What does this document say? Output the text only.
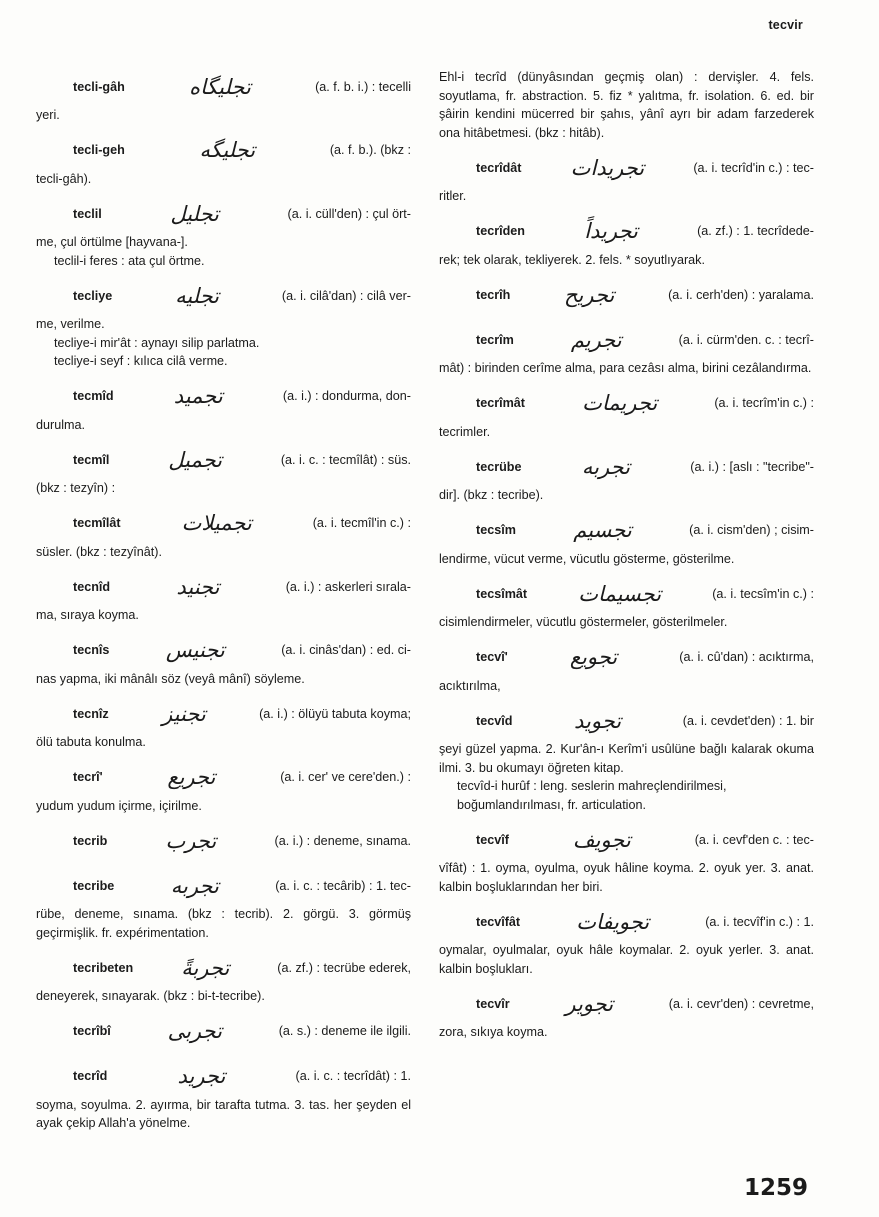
tecvir
tecli-gâh	تجلیگاه	(a. f. b. i.) : tecelli
yeri.
tecli-geh	تجلیگه	(a. f. b.). (bkz :
tecli-gâh).
teclil	تجلیل	(a. i. cüll'den) : çul ört-
me, çul örtülme [hayvana-].
teclil-i feres : ata çul örtme.
tecliye	تجلیه	(a. i. cilâ'dan) : cilâ ver-
me, verilme.
tecliye-i mir'ât : aynayı silip parlatma.
tecliye-i seyf : kılıca cilâ verme.
tecmîd	تجمید	(a. i.) : dondurma, don-
durulma.
tecmîl	تجمیل	(a. i. c. : tecmîlât) : süs.
(bkz : tezyîn) :
tecmîlât	تجمیلات	(a. i. tecmîl'in c.) :
süsler. (bkz : tezyînât).
tecnîd	تجنید	(a. i.) : askerleri sırala-
ma, sıraya koyma.
tecnîs	تجنیس	(a. i. cinâs'dan) : ed. ci-
nas yapma, iki mânâlı söz (veyâ mânî) söyleme.
tecnîz	تجنیز	(a. i.) : ölüyü tabuta koyma;
ölü tabuta konulma.
tecrî'	تجریع	(a. i. cer' ve cere'den.) :
yudum yudum içirme, içirilme.
tecrib	تجرب	(a. i.) : deneme, sınama.
tecribe	تجربه	(a. i. c. : tecârib) : 1. tec-
rübe, deneme, sınama. (bkz : tecrib). 2. görgü. 3. görmüş geçirmişlik. fr. expérimentation.
tecribeten تجربةً	(a. zf.) : tecrübe ederek,
deneyerek, sınayarak. (bkz : bi-t-tecribe).
tecrîbî	تجربی	(a. s.) : deneme ile ilgili.
tecrîd	تجرید	(a. i. c. : tecrîdât) : 1.
soyma, soyulma. 2. ayırma, bir tarafta tutma. 3. tas. her şeyden el ayak çekip Allah'a yönelme.
Ehl-i tecrîd (dünyâsından geçmiş olan) : dervişler. 4. fels. soyutlama, fr. abstraction. 5. fiz * yalıtma, fr. isolation. 6. ed. bir şâirin kendini mücerred bir şahıs, yânî ayrı bir adam farzederek ona hitâbetmesi. (bkz : hitâb).
tecrîdât تجریدات	(a. i. tecrîd'in c.) : tec-
ritler.
tecrîden	تجریداً	(a. zf.) : 1. tecrîdede-
rek; tek olarak, tekliyerek. 2. fels. * soyutlıyarak.
tecrîh	تجریح	(a. i. cerh'den) : yaralama.
tecrîm	تجریم	(a. i. cürm'den. c. : tecrî-
mât) : birinden cerîme alma, para cezâsı alma, birini cezâlandırma.
tecrîmât	تجریمات	(a. i. tecrîm'in c.) :
tecrimler.
tecrübe	تجربه	(a. i.) : [aslı : "tecribe"-
dir]. (bkz : tecribe).
tecsîm	تجسیم	(a. i. cism'den) ; cisim-
lendirme, vücut verme, vücutlu gösterme, gösterilme.
tecsîmât تجسیمات	(a. i. tecsîm'in c.) :
cisimlendirmeler, vücutlu göstermeler, gösterilmeler.
tecvî'	تجویع	(a. i. cû'dan) : acıktırma,
acıktırılma,
tecvîd	تجوید	(a. i. cevdet'den) : 1. bir
şeyi güzel yapma. 2. Kur'ân-ı Kerîm'i usûlüne bağlı kalarak okuma ilmi. 3. bu okumayı öğreten kitap.
tecvîd-i hurûf : leng. seslerin mahreçlendirilmesi, boğumlandırılması, fr. articulation.
tecvîf	تجویف	(a. i. cevf'den c. : tec-
vîfât) : 1. oyma, oyulma, oyuk hâline koyma. 2. oyuk yer. 3. anat. kalbin boşluklarından her biri.
tecvîfât	تجویفات	(a. i. tecvîf'in c.) : 1.
oymalar, oyulmalar, oyuk hâle koymalar. 2. oyuk yerler. 3. anat. kalbin boşlukları.
tecvîr	تجویر	(a. i. cevr'den) : cevretme,
zora, sıkıya koyma.
1259
